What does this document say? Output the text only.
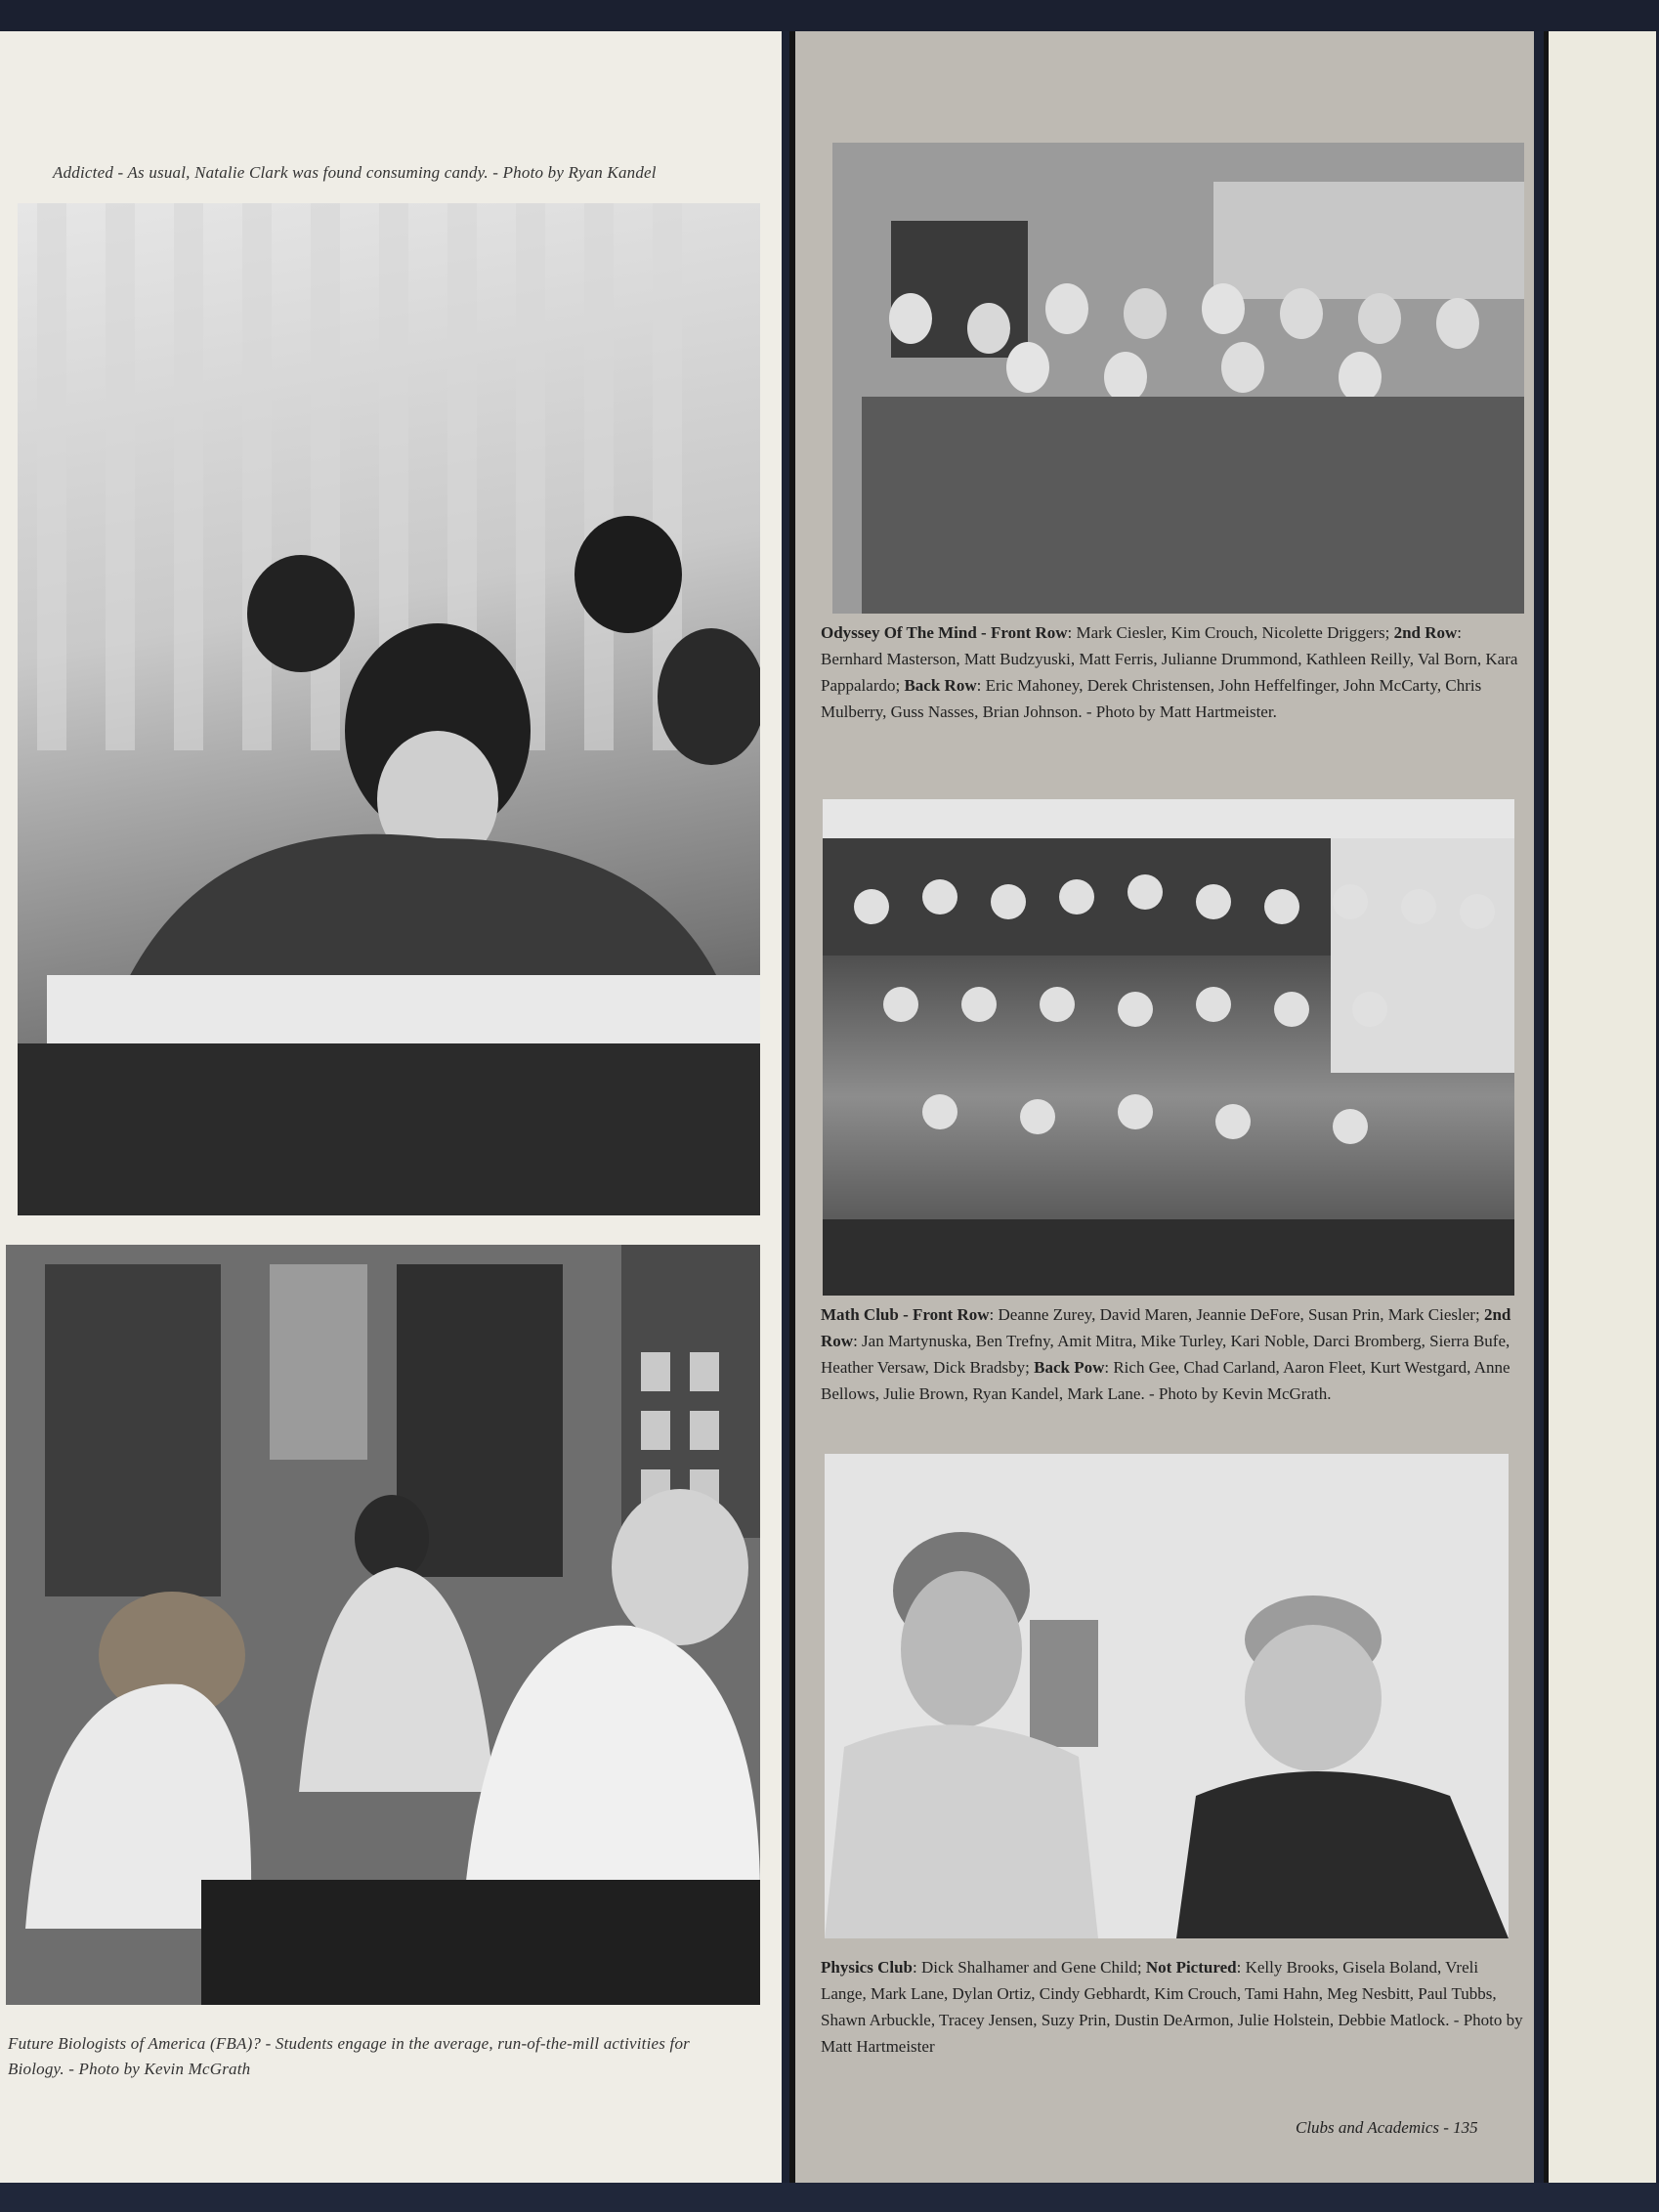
Addicted - As usual, Natalie Clark was found consuming candy. - Photo by Ryan Kandel
Future Biologists of America (FBA)? - Students engage in the average, run-of-the-mill activities for
Biology. - Photo by Kevin McGrath
Odyssey Of The Mind - Front Row: Mark Ciesler, Kim Crouch, Nicolette Driggers; 2nd Row: Bernhard Masterson, Matt Budzyuski, Matt Ferris, Julianne Drummond, Kathleen Reilly, Val Born, Kara Pappalardo; Back Row: Eric Mahoney, Derek Christensen, John Heffelfinger, John McCarty, Chris Mulberry, Guss Nasses, Brian Johnson. - Photo by Matt Hartmeister.
Math Club - Front Row: Deanne Zurey, David Maren, Jeannie DeFore, Susan Prin, Mark Ciesler; 2nd Row: Jan Martynuska, Ben Trefny, Amit Mitra, Mike Turley, Kari Noble, Darci Bromberg, Sierra Bufe, Heather Versaw, Dick Bradsby; Back Pow: Rich Gee, Chad Carland, Aaron Fleet, Kurt Westgard, Anne Bellows, Julie Brown, Ryan Kandel, Mark Lane. - Photo by Kevin McGrath.
Physics Club: Dick Shalhamer and Gene Child; Not Pictured: Kelly Brooks, Gisela Boland, Vreli Lange, Mark Lane, Dylan Ortiz, Cindy Gebhardt, Kim Crouch, Tami Hahn, Meg Nesbitt, Paul Tubbs, Shawn Arbuckle, Tracey Jensen, Suzy Prin, Dustin DeArmon, Julie Holstein, Debbie Matlock. - Photo by Matt Hartmeister
Clubs and Academics - 135
